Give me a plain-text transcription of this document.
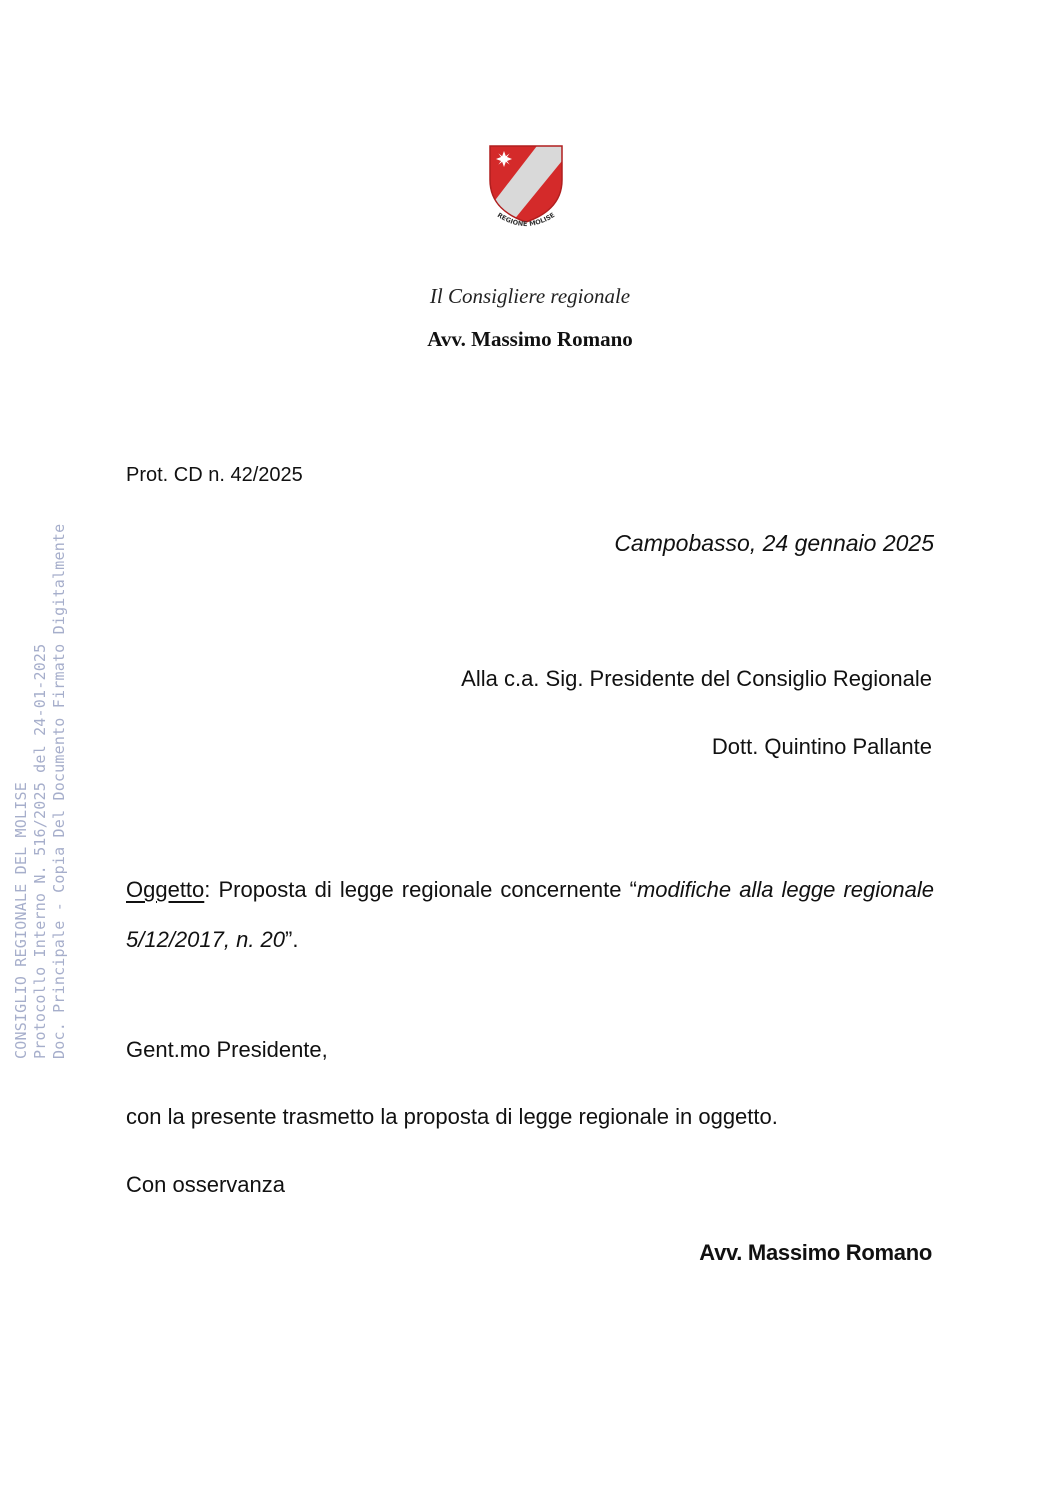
REGIONE MOLISE
Il Consigliere regionale
Avv. Massimo Romano
CONSIGLIO REGIONALE DEL MOLISE Protocollo Interno N. 516/2025 del 24-01-2025 Doc. Principale - Copia Del Documento Firmato Digitalmente
Prot. CD n. 42/2025
Campobasso, 24 gennaio 2025
Alla c.a. Sig. Presidente del Consiglio Regionale
Dott. Quintino Pallante
Oggetto: Proposta di legge regionale concernente “modifiche alla legge regionale 5/12/2017, n. 20”.
Gent.mo Presidente,
con la presente trasmetto la proposta di legge regionale in oggetto.
Con osservanza
Avv. Massimo Romano
